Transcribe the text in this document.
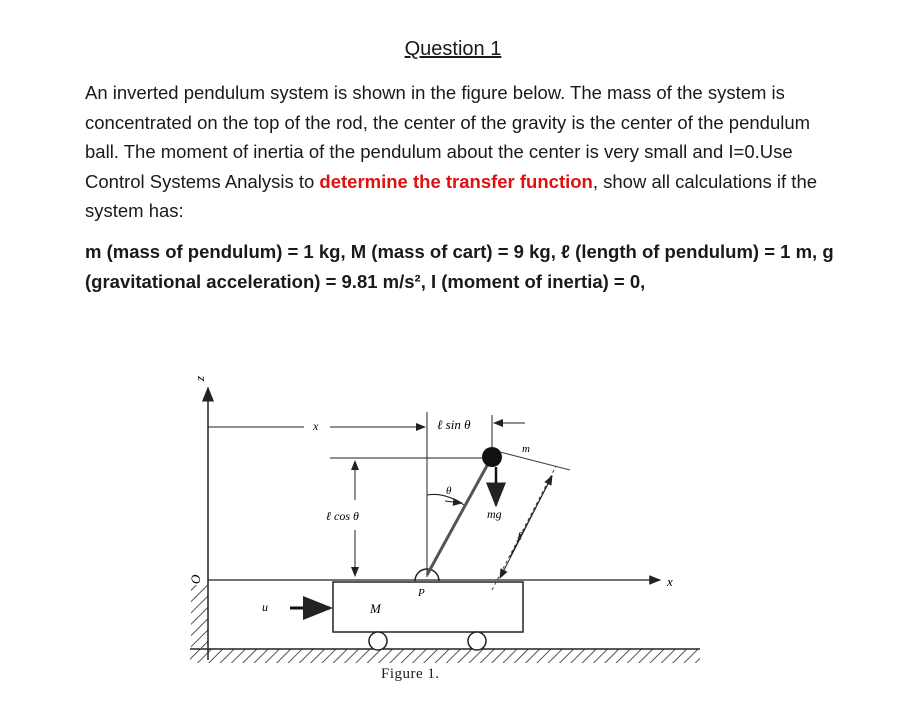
Question 1
An inverted pendulum system is shown in the figure below. The mass of the system is concentrated on the top of the rod, the center of the gravity is the center of the pendulum ball. The moment of inertia of the pendulum about the center is very small and I=0.Use Control Systems Analysis to determine the transfer function, show all calculations if the system has:
m (mass of pendulum) = 1 kg, M (mass of cart) = 9 kg, ℓ (length of pendulum) = 1 m, g (gravitational acceleration) = 9.81 m/s², I (moment of inertia) = 0,
z
O	x
x	ℓ sin θ
ℓ cos θ
M
u
P
m
θ
mg
ℓ
Figure 1.
